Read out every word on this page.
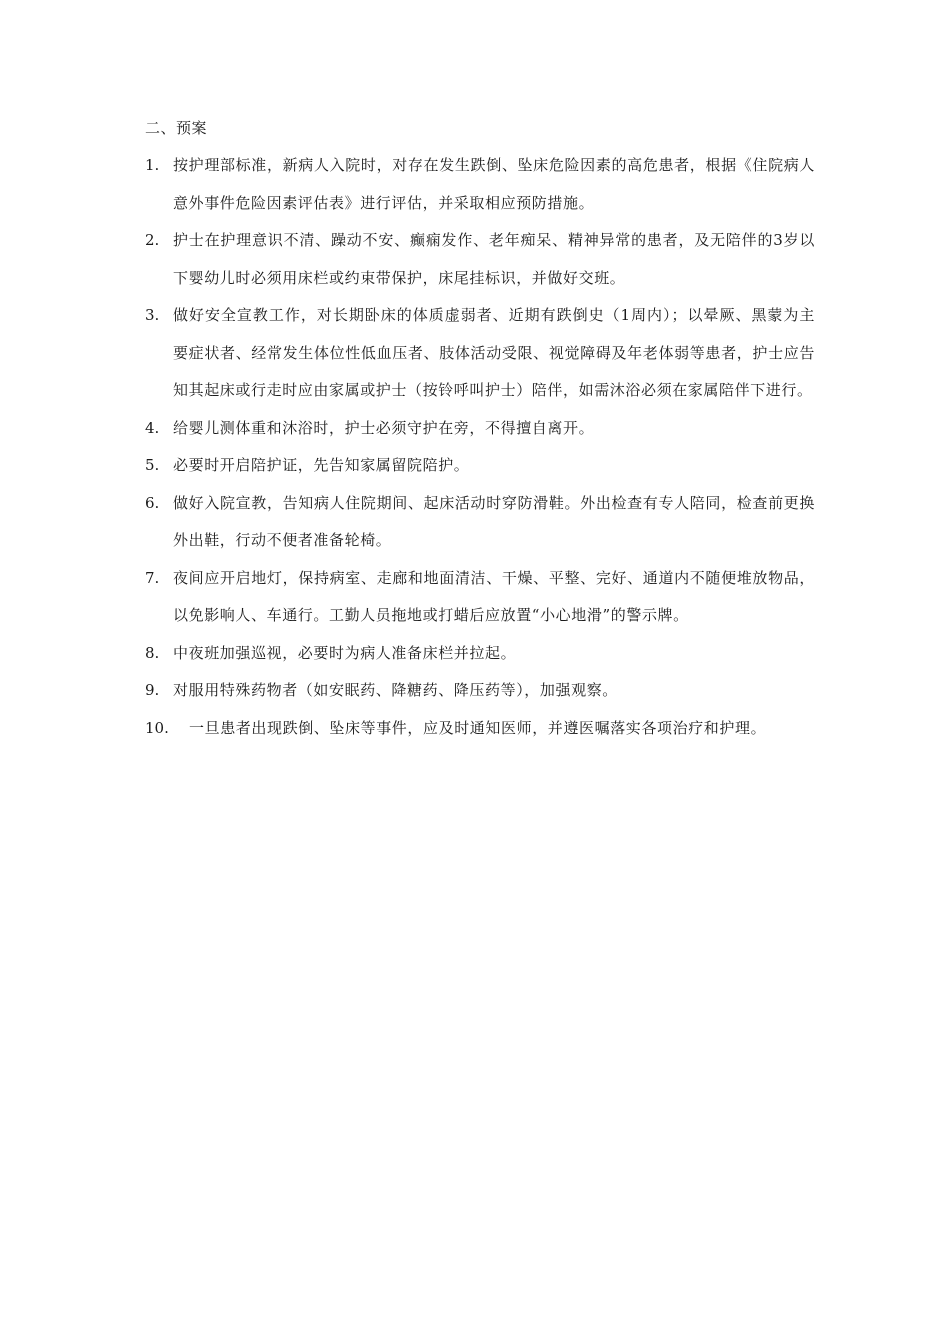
二、预案
1. 按护理部标准，新病人入院时，对存在发生跌倒、坠床危险因素的高危患者，根据《住院病人意外事件危险因素评估表》进行评估，并采取相应预防措施。
2. 护士在护理意识不清、躁动不安、癫痫发作、老年痴呆、精神异常的患者，及无陪伴的3岁以下婴幼儿时必须用床栏或约束带保护，床尾挂标识，并做好交班。
3. 做好安全宣教工作，对长期卧床的体质虚弱者、近期有跌倒史（1周内）；以晕厥、黑蒙为主要症状者、经常发生体位性低血压者、肢体活动受限、视觉障碍及年老体弱等患者，护士应告知其起床或行走时应由家属或护士（按铃呼叫护士）陪伴，如需沐浴必须在家属陪伴下进行。
4. 给婴儿测体重和沐浴时，护士必须守护在旁，不得擅自离开。
5. 必要时开启陪护证，先告知家属留院陪护。
6. 做好入院宣教，告知病人住院期间、起床活动时穿防滑鞋。外出检查有专人陪同，检查前更换外出鞋，行动不便者准备轮椅。
7. 夜间应开启地灯，保持病室、走廊和地面清洁、干燥、平整、完好、通道内不随便堆放物品，以免影响人、车通行。工勤人员拖地或打蜡后应放置“小心地滑”的警示牌。
8. 中夜班加强巡视，必要时为病人准备床栏并拉起。
9. 对服用特殊药物者（如安眠药、降糖药、降压药等），加强观察。
10.	一旦患者出现跌倒、坠床等事件，应及时通知医师，并遵医嘱落实各项治疗和护理。
